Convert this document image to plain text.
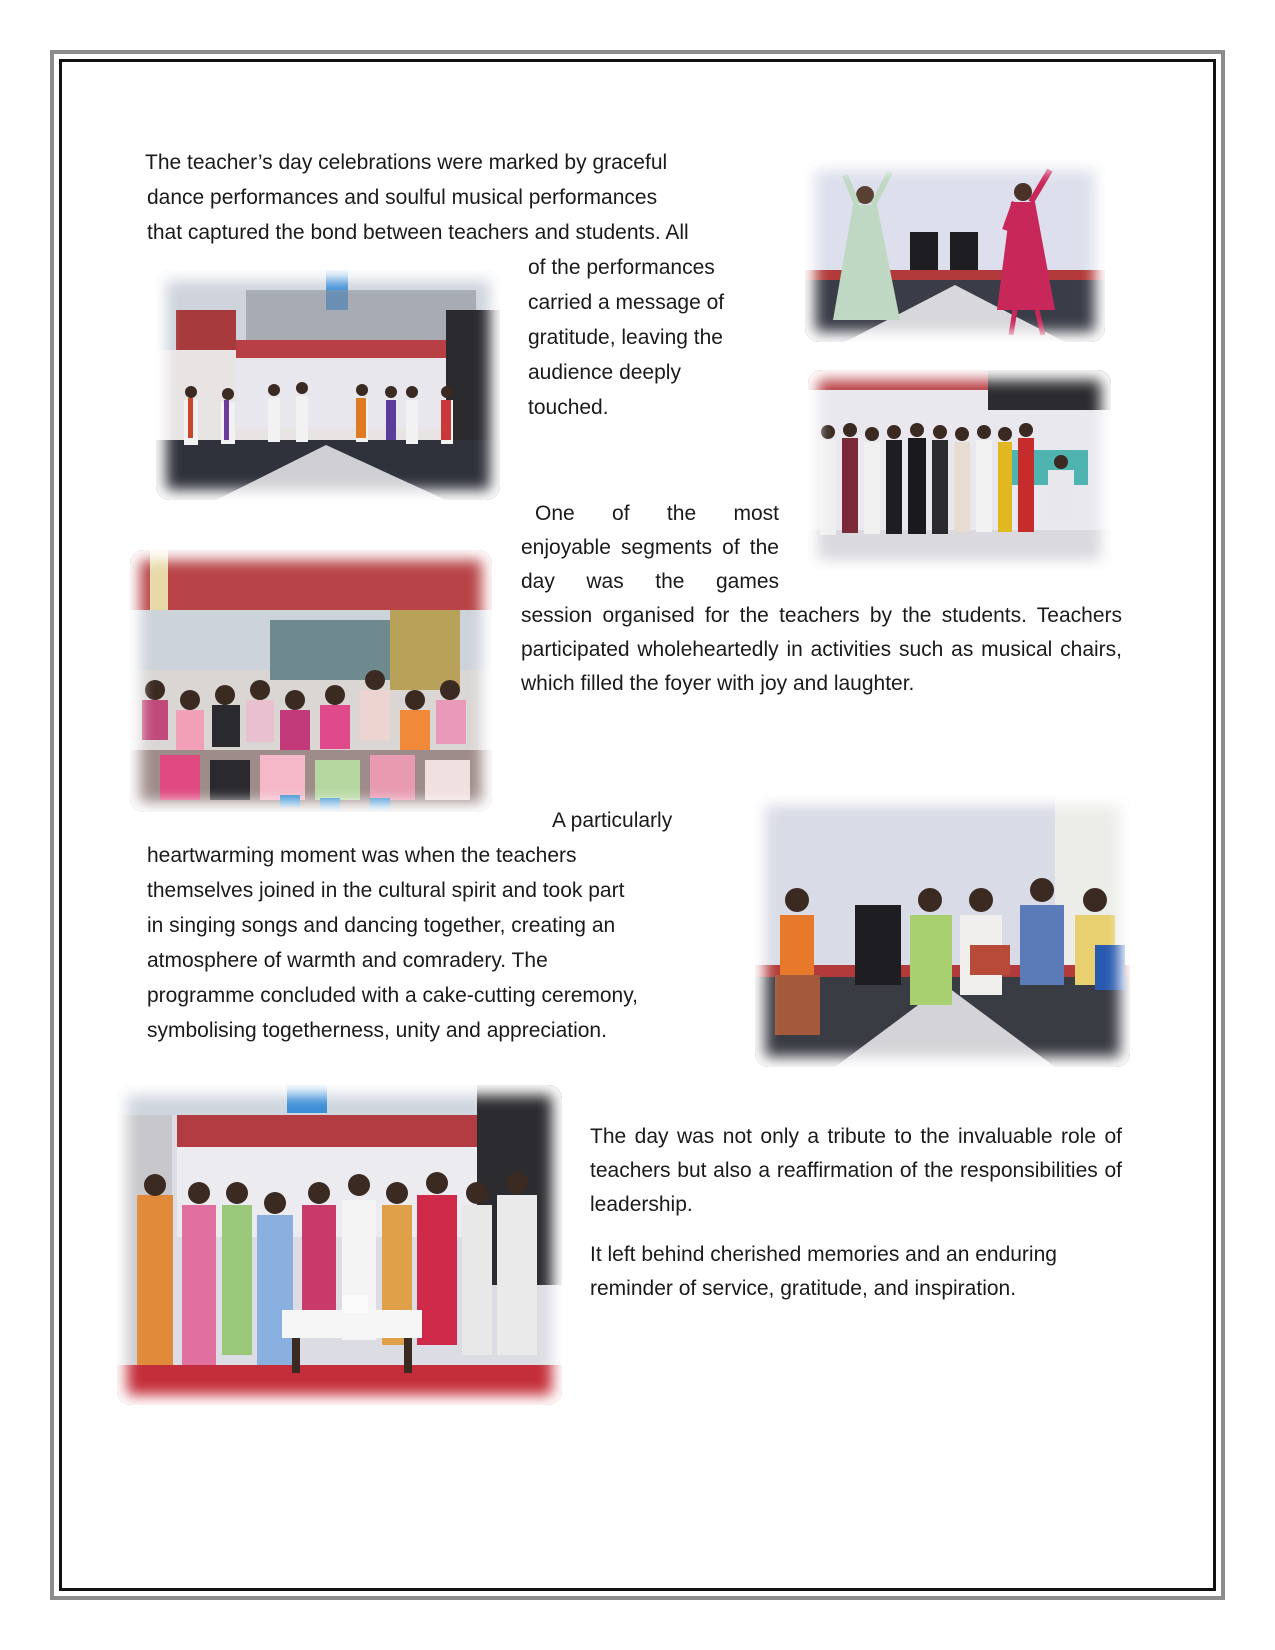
The teacher’s day celebrations were marked by graceful

dance performances and soulful musical performances

that captured the bond between teachers and students. All

of the performances

carried a message of

gratitude, leaving the

audience deeply

touched.

One of the most enjoyable segments of the day was the games

session organised for the teachers by the students. Teachers participated wholeheartedly in activities such as musical chairs, which filled the foyer with joy and laughter.

A particularly

heartwarming moment was when the teachers

themselves joined in the cultural spirit and took part

in singing songs and dancing together, creating an

atmosphere of warmth and comradery. The

programme concluded with a cake-cutting ceremony,

symbolising togetherness, unity and appreciation.

The day was not only a tribute to the invaluable role of teachers but also a reaffirmation of the responsibilities of leadership.

It left behind cherished memories and an enduring

reminder of service, gratitude, and inspiration.
